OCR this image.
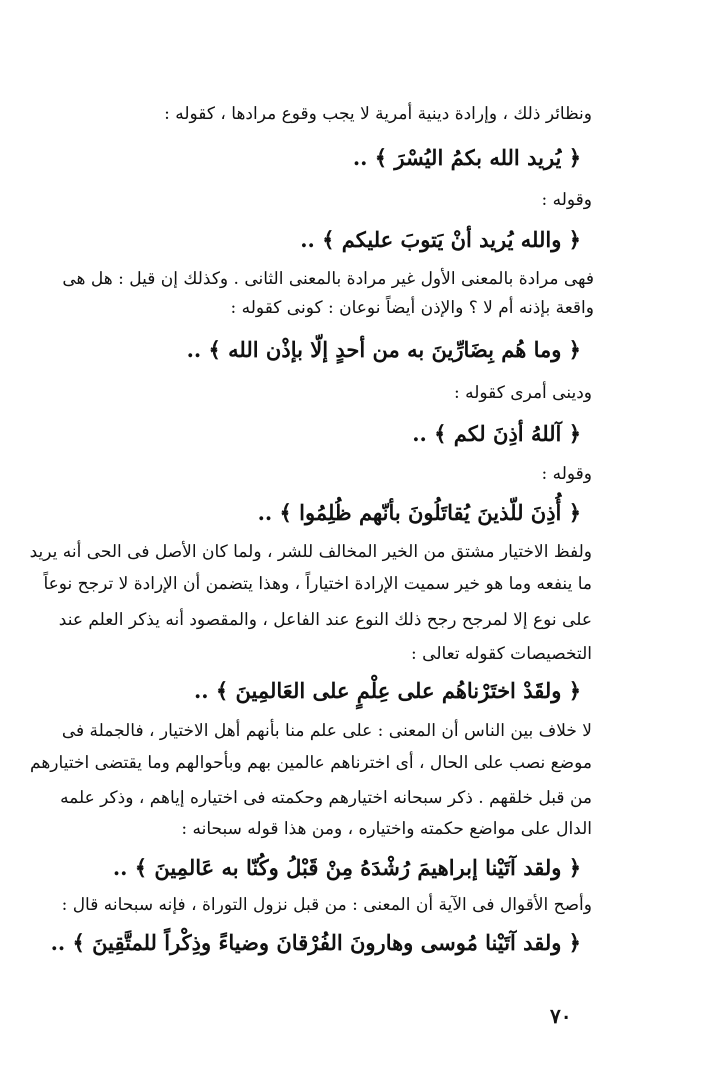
ونظائر ذلك ، وإرادة دينية أمرية لا يجب وقوع مرادها ، كقوله :
﴿ يُريد الله بكمُ اليُسْرَ ﴾ ..
وقوله :
﴿ والله يُريد أنْ يَتوبَ عليكم ﴾ ..
فهى مرادة بالمعنى الأول غير مرادة بالمعنى الثانى . وكذلك إن قيل : هل هى
واقعة بإذنه أم لا ؟ والإذن أيضاً نوعان : كونى كقوله :
﴿ وما هُم بِضَارِّينَ به من أحدٍ إلّا بإذْن الله ﴾ ..
ودينى أمرى كقوله :
﴿ آللهُ أذِنَ لكم ﴾ ..
وقوله :
﴿ أُذِنَ للّذينَ يُقاتَلُونَ بأنّهم ظُلِمُوا ﴾ ..
ولفظ الاختيار مشتق من الخير المخالف للشر ، ولما كان الأصل فى الحى أنه يريد
ما ينفعه وما هو خير سميت الإرادة اختياراً ، وهذا يتضمن أن الإرادة لا ترجح نوعاً
على نوع إلا لمرجح رجح ذلك النوع عند الفاعل ، والمقصود أنه يذكر العلم عند
التخصيصات كقوله تعالى :
﴿ ولقَدْ اختَرْناهُم على عِلْمٍ على العَالمِينَ ﴾ ..
لا خلاف بين الناس أن المعنى : على علم منا بأنهم أهل الاختيار ، فالجملة فى
موضع نصب على الحال ، أى اخترناهم عالمين بهم وبأحوالهم وما يقتضى اختيارهم
من قبل خلقهم . ذكر سبحانه اختيارهم وحكمته فى اختياره إياهم ، وذكر علمه
الدال على مواضع حكمته واختياره ، ومن هذا قوله سبحانه :
﴿ ولقد آتَيْنا إبراهيمَ رُشْدَهُ مِنْ قَبْلُ وكُنّا به عَالمِينَ ﴾ ..
وأصح الأقوال فى الآية أن المعنى : من قبل نزول التوراة ، فإنه سبحانه قال :
﴿ ولقد آتَيْنا مُوسى وهارونَ الفُرْقانَ وضياءً وذِكْراً للمتَّقِينَ ﴾ ..
٧٠
